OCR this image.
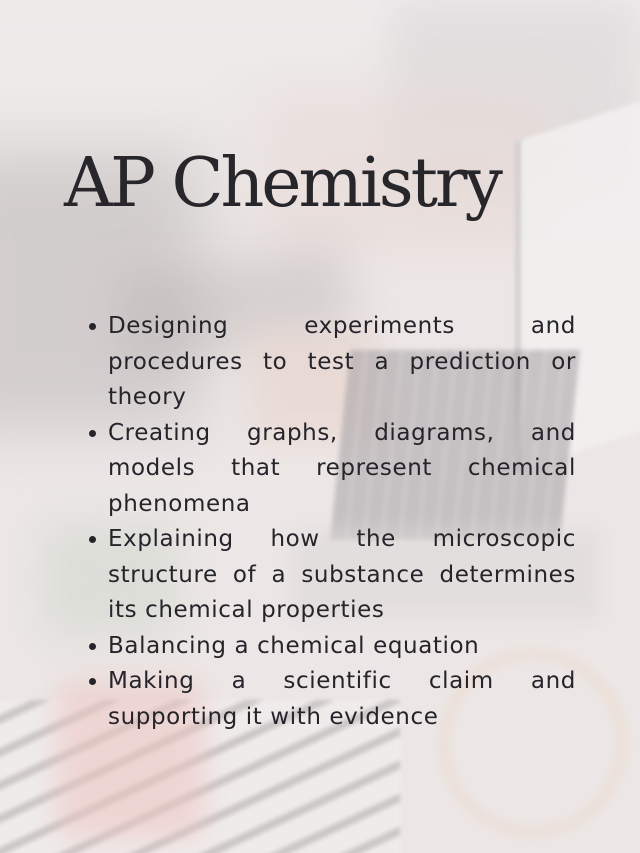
AP Chemistry
Designing experiments and procedures to test a prediction or theory
Creating graphs, diagrams, and models that represent chemical phenomena
Explaining how the microscopic structure of a substance determines its chemical properties
Balancing a chemical equation
Making a scientific claim and supporting it with evidence
